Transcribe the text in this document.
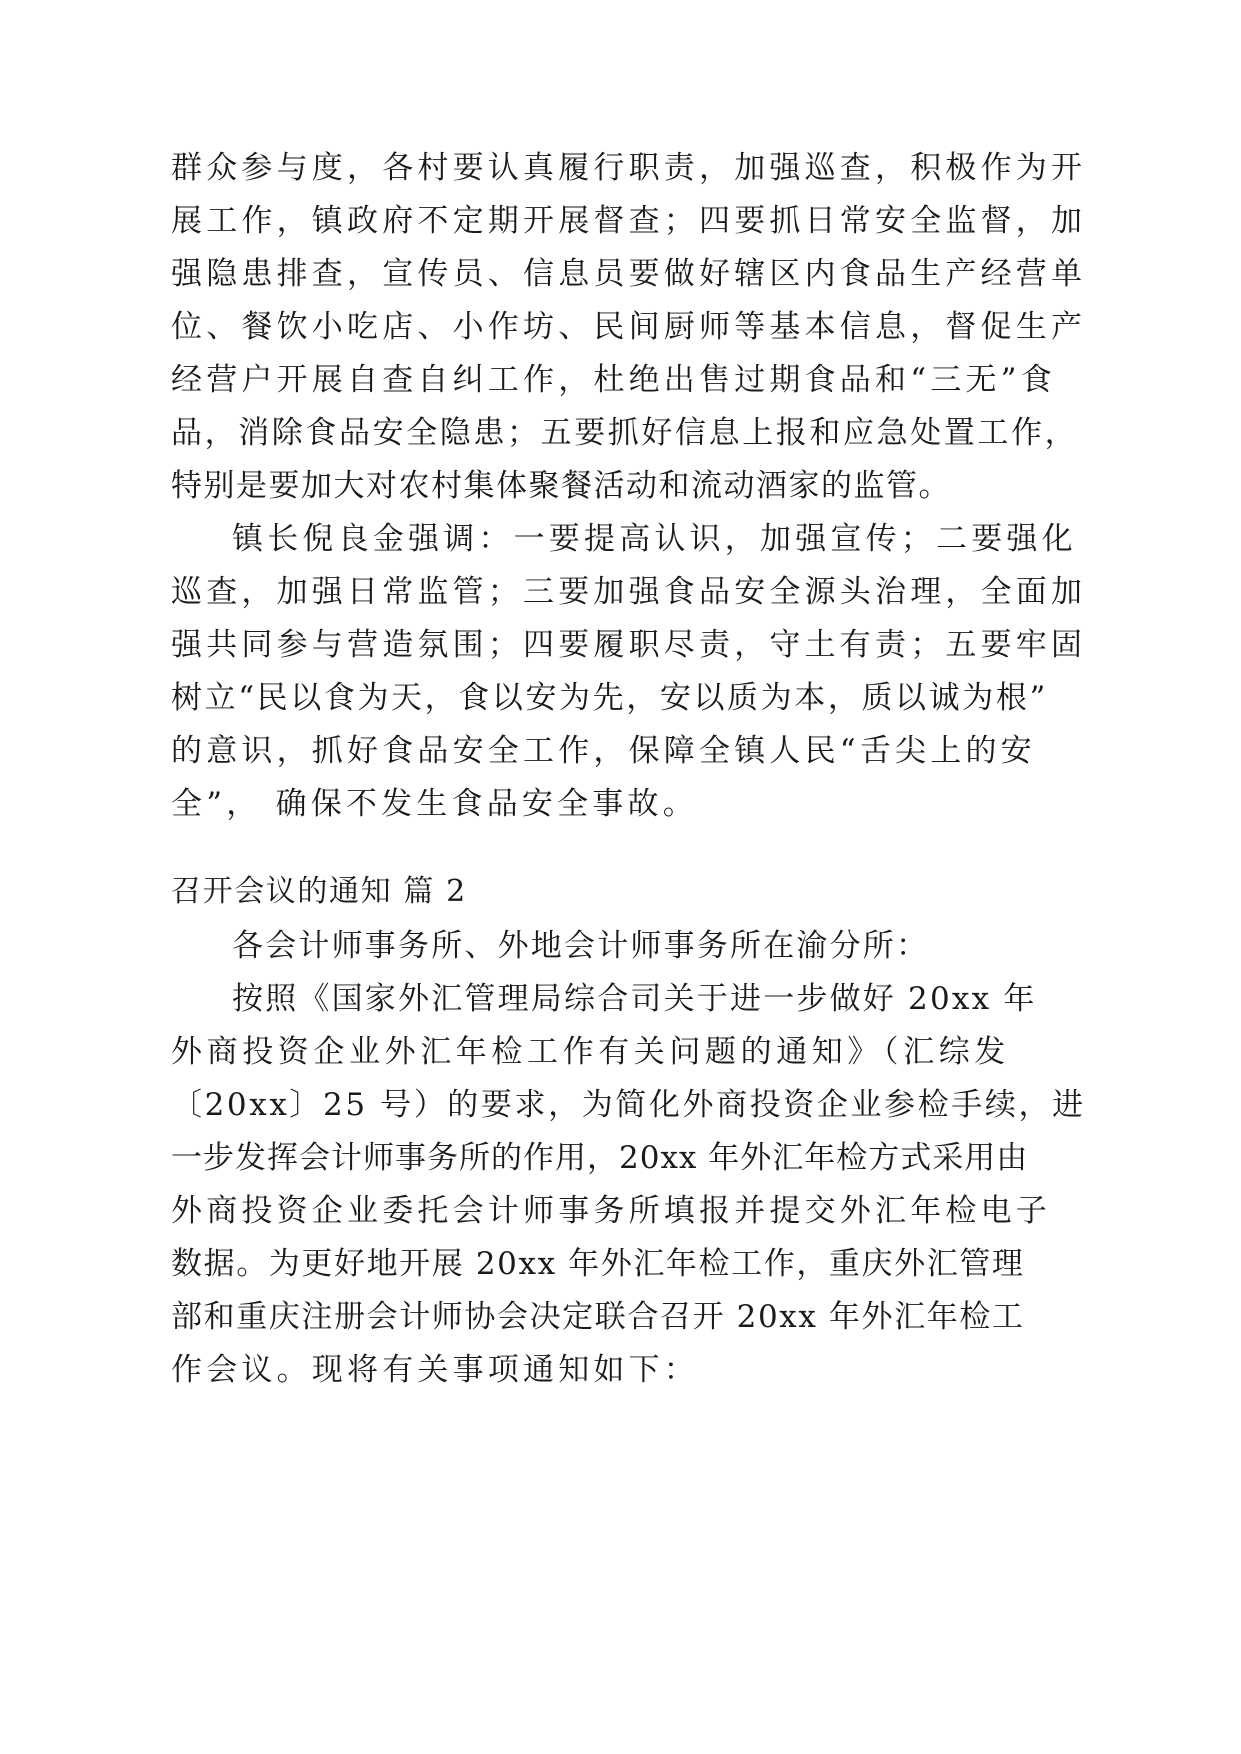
群众参与度，各村要认真履行职责，加强巡查，积极作为开
展工作，镇政府不定期开展督查；四要抓日常安全监督，加
强隐患排查，宣传员、信息员要做好辖区内食品生产经营单
位、餐饮小吃店、小作坊、民间厨师等基本信息，督促生产
经营户开展自查自纠工作，杜绝出售过期食品和“三无”食
品，消除食品安全隐患；五要抓好信息上报和应急处置工作，
特别是要加大对农村集体聚餐活动和流动酒家的监管。
镇长倪良金强调：一要提高认识，加强宣传；二要强化
巡查，加强日常监管；三要加强食品安全源头治理，全面加
强共同参与营造氛围；四要履职尽责，守土有责；五要牢固
树立“民以食为天，食以安为先，安以质为本，质以诚为根”
的意识，抓好食品安全工作，保障全镇人民“舌尖上的安
全”， 确保不发生食品安全事故。
召开会议的通知 篇 2
各会计师事务所、外地会计师事务所在渝分所：
按照《国家外汇管理局综合司关于进一步做好 20xx 年
外商投资企业外汇年检工作有关问题的通知》（汇综发
〔20xx〕25 号）的要求，为简化外商投资企业参检手续，进
一步发挥会计师事务所的作用，20xx 年外汇年检方式采用由
外商投资企业委托会计师事务所填报并提交外汇年检电子
数据。为更好地开展 20xx 年外汇年检工作，重庆外汇管理
部和重庆注册会计师协会决定联合召开 20xx 年外汇年检工
作会议。现将有关事项通知如下：
